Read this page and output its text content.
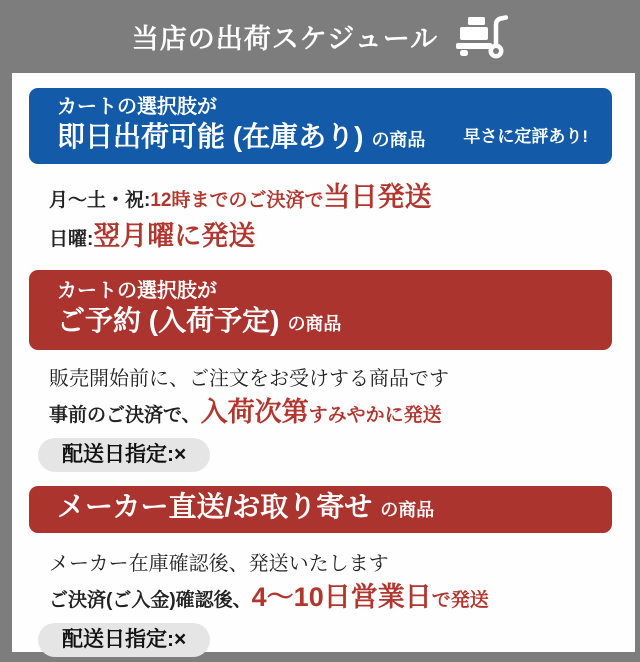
当店の出荷スケジュール
カートの選択肢が
即日出荷可能 (在庫あり) の商品 早さに定評あり!

月〜土・祝:12時までのご決済で当日発送

日曜:翌月曜に発送

カートの選択肢が
ご予約 (入荷予定) の商品

販売開始前に、ご注文をお受けする商品です

事前のご決済で、入荷次第すみやかに発送

配送日指定:×
メーカー直送/お取り寄せ の商品

メーカー在庫確認後、発送いたします

ご決済(ご入金)確認後、4〜10日営業日で発送

配送日指定:×
